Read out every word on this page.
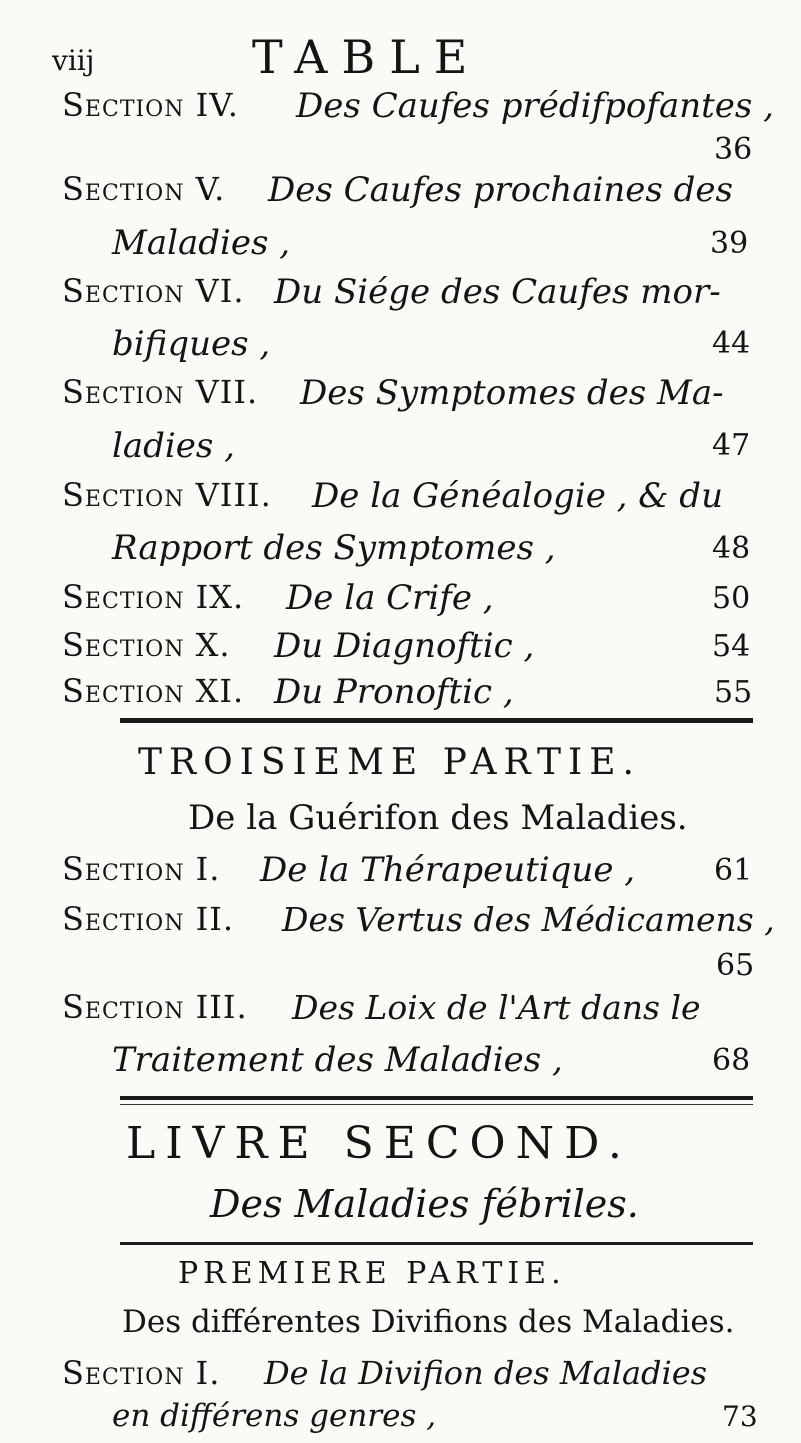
viij	TABLE
Section IV. Des Caufes prédifpofantes ,
36
Section V. Des Caufes prochaines des
Maladies ,	39
Section VI. Du Siége des Caufes mor-
bifiques ,	44
Section VII. Des Symptomes des Ma-
ladies ,	47
Section VIII. De la Généalogie , & du
Rapport des Symptomes ,	48
Section IX. De la Crife ,	50
Section X. Du Diagnoftic ,	54
Section XI. Du Pronoftic ,	55
TROISIEME PARTIE.
De la Guérifon des Maladies.
Section I. De la Thérapeutique ,	61
Section II. Des Vertus des Médicamens ,
65
Section III. Des Loix de l'Art dans le
Traitement des Maladies ,	68
LIVRE SECOND.
Des Maladies fébriles.
PREMIERE PARTIE.
Des différentes Divifions des Maladies.
Section I. De la Divifion des Maladies
en différens genres ,	73
